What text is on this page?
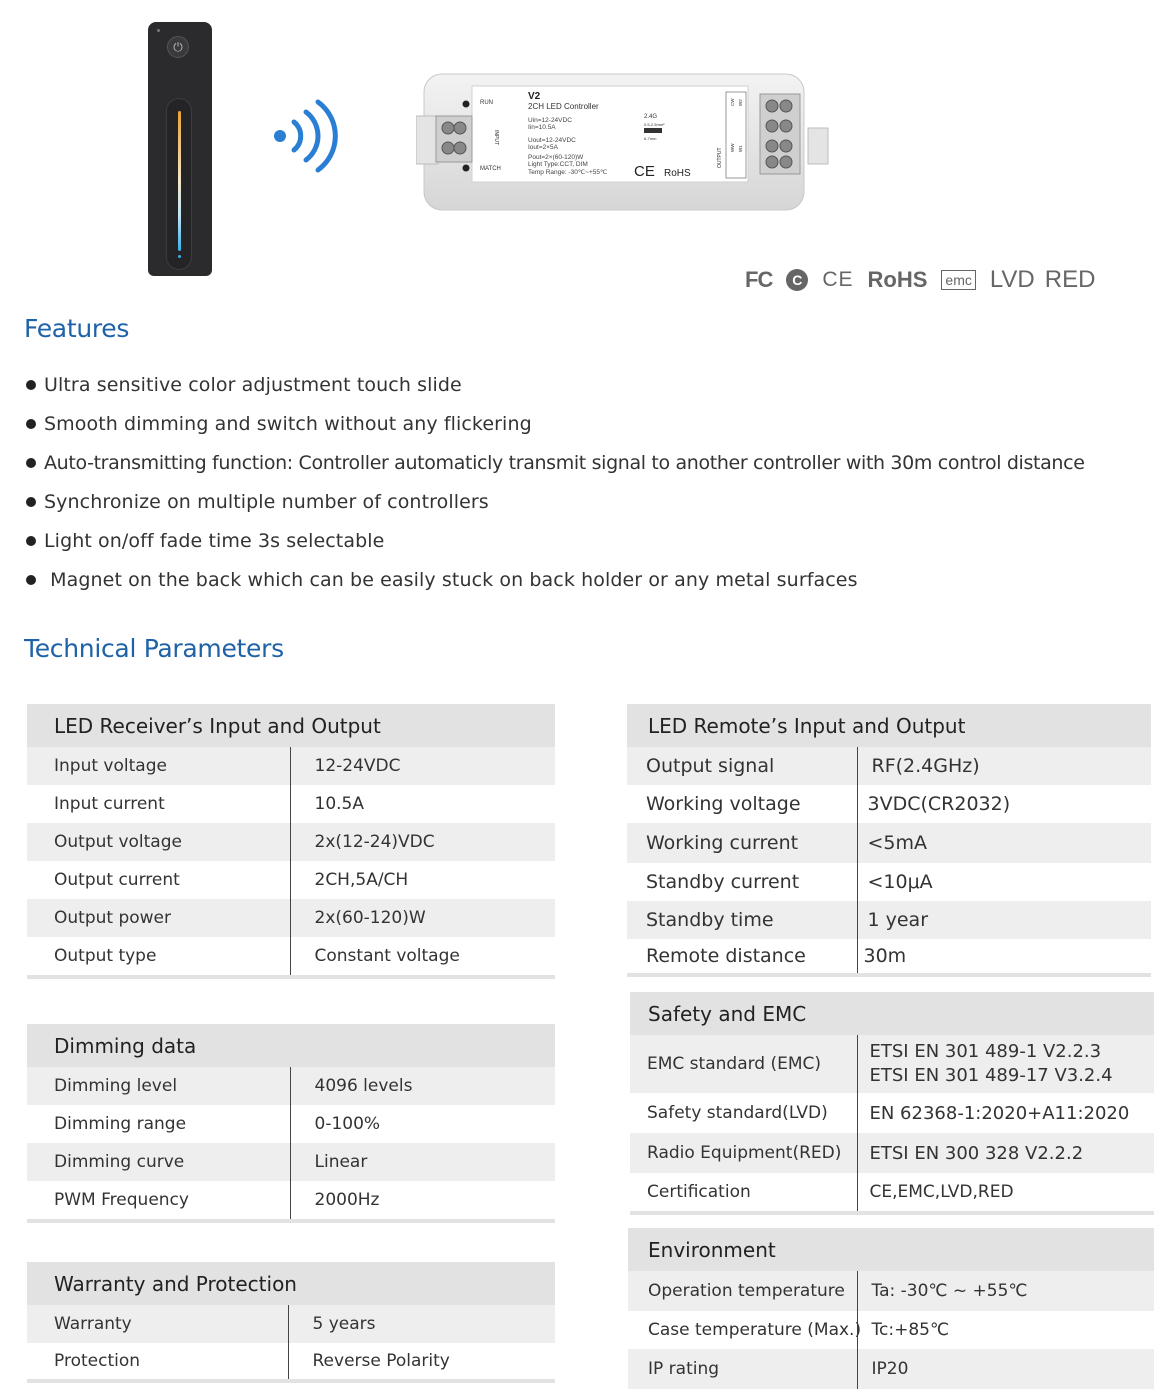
⏻
RUN
MATCH
V2
2CH LED Controller
Uin=12-24VDC
Iin=10.5A
Uout=12-24VDC
Iout=2×5A
Pout=2×(60-120)W
Light Type:CCT, DIM
Temp Range: -30℃~+55℃
2.4G
0.5-2.5mm²
6-7mm
CE RoHS
OUTPUT
INPUT
CW W2
WW W1
FC C CE RoHS emc LVD RED
Features
Ultra sensitive color adjustment touch slide
Smooth dimming and switch without any flickering
Auto-transmitting function: Controller automaticly transmit signal to another controller with 30m control distance
Synchronize on multiple number of controllers
Light on/off fade time 3s selectable
Magnet on the back which can be easily stuck on back holder or any metal surfaces
Technical Parameters
LED Receiver’s Input and Output	
Input voltage	12-24VDC
Input current	10.5A
Output voltage	2x(12-24)VDC
Output current	2CH,5A/CH
Output power	2x(60-120)W
Output type	Constant voltage
Dimming data	
Dimming level	4096 levels
Dimming range	0-100%
Dimming curve	Linear
PWM Frequency	2000Hz
Warranty and Protection	
Warranty	5 years
Protection	Reverse Polarity
LED Remote’s Input and Output	
Output signal	RF(2.4GHz)
Working voltage	3VDC(CR2032)
Working current	<5mA
Standby current	<10μA
Standby time	1 year
Remote distance	30m
Safety and EMC	
EMC standard (EMC)	ETSI EN 301 489-1 V2.2.3
ETSI EN 301 489-17 V3.2.4

Safety standard(LVD)	EN 62368-1:2020+A11:2020
Radio Equipment(RED)	ETSI EN 300 328 V2.2.2
Certification	CE,EMC,LVD,RED
Environment	
Operation temperature	Ta: -30℃ ~ +55℃
Case temperature (Max.)	Tc:+85℃
IP rating	IP20
